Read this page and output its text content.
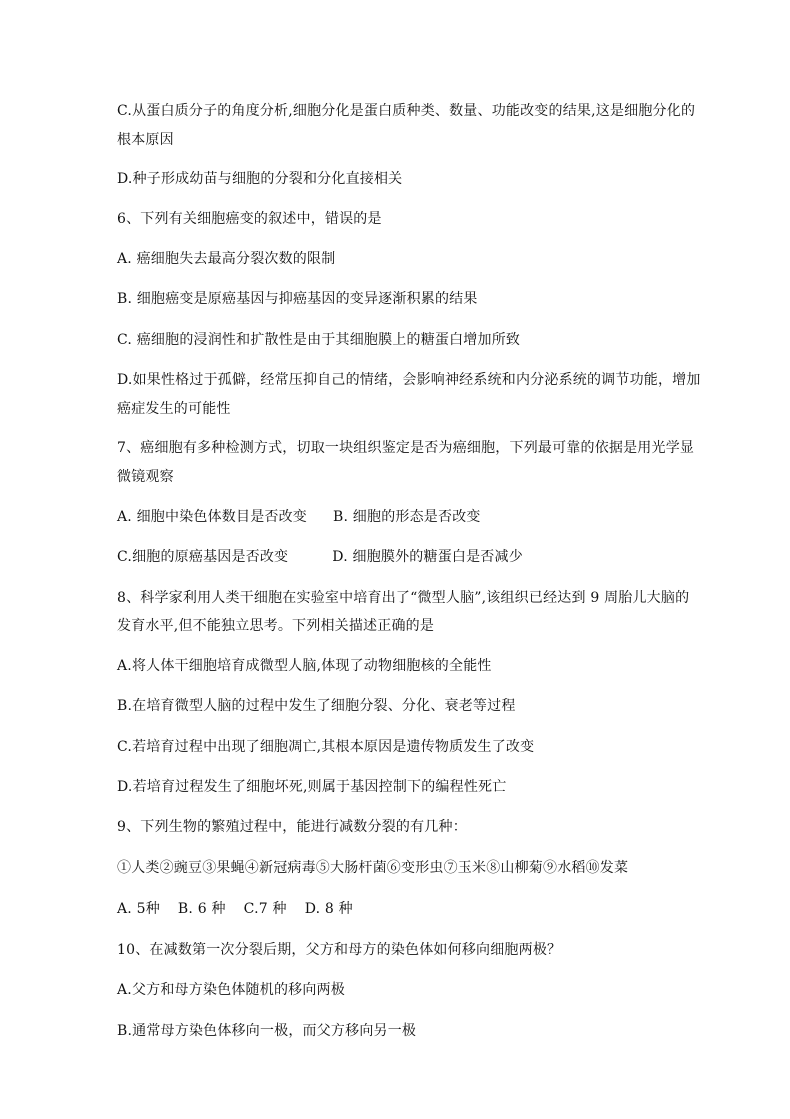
C.从蛋白质分子的角度分析,细胞分化是蛋白质种类、数量、功能改变的结果,这是细胞分化的
根本原因
D.种子形成幼苗与细胞的分裂和分化直接相关
6、下列有关细胞癌变的叙述中，错误的是
A. 癌细胞失去最高分裂次数的限制
B. 细胞癌变是原癌基因与抑癌基因的变异逐渐积累的结果
C. 癌细胞的浸润性和扩散性是由于其细胞膜上的糖蛋白增加所致
D.如果性格过于孤僻，经常压抑自己的情绪，会影响神经系统和内分泌系统的调节功能，增加
癌症发生的可能性
7、癌细胞有多种检测方式，切取一块组织鉴定是否为癌细胞，下列最可靠的依据是用光学显
微镜观察
A. 细胞中染色体数目是否改变 B. 细胞的形态是否改变
C.细胞的原癌基因是否改变	D. 细胞膜外的糖蛋白是否减少
8、科学家利用人类干细胞在实验室中培育出了“微型人脑”,该组织已经达到 9 周胎儿大脑的
发育水平,但不能独立思考。下列相关描述正确的是
A.将人体干细胞培育成微型人脑,体现了动物细胞核的全能性
B.在培育微型人脑的过程中发生了细胞分裂、分化、衰老等过程
C.若培育过程中出现了细胞凋亡,其根本原因是遗传物质发生了改变
D.若培育过程发生了细胞坏死,则属于基因控制下的编程性死亡
9、下列生物的繁殖过程中，能进行减数分裂的有几种：
①人类②豌豆③果蝇④新冠病毒⑤大肠杆菌⑥变形虫⑦玉米⑧山柳菊⑨水稻⑩发菜
A. 5种 B. 6 种 C.7 种 D. 8 种
10、在减数第一次分裂后期，父方和母方的染色体如何移向细胞两极？
A.父方和母方染色体随机的移向两极
B.通常母方染色体移向一极，而父方移向另一极
